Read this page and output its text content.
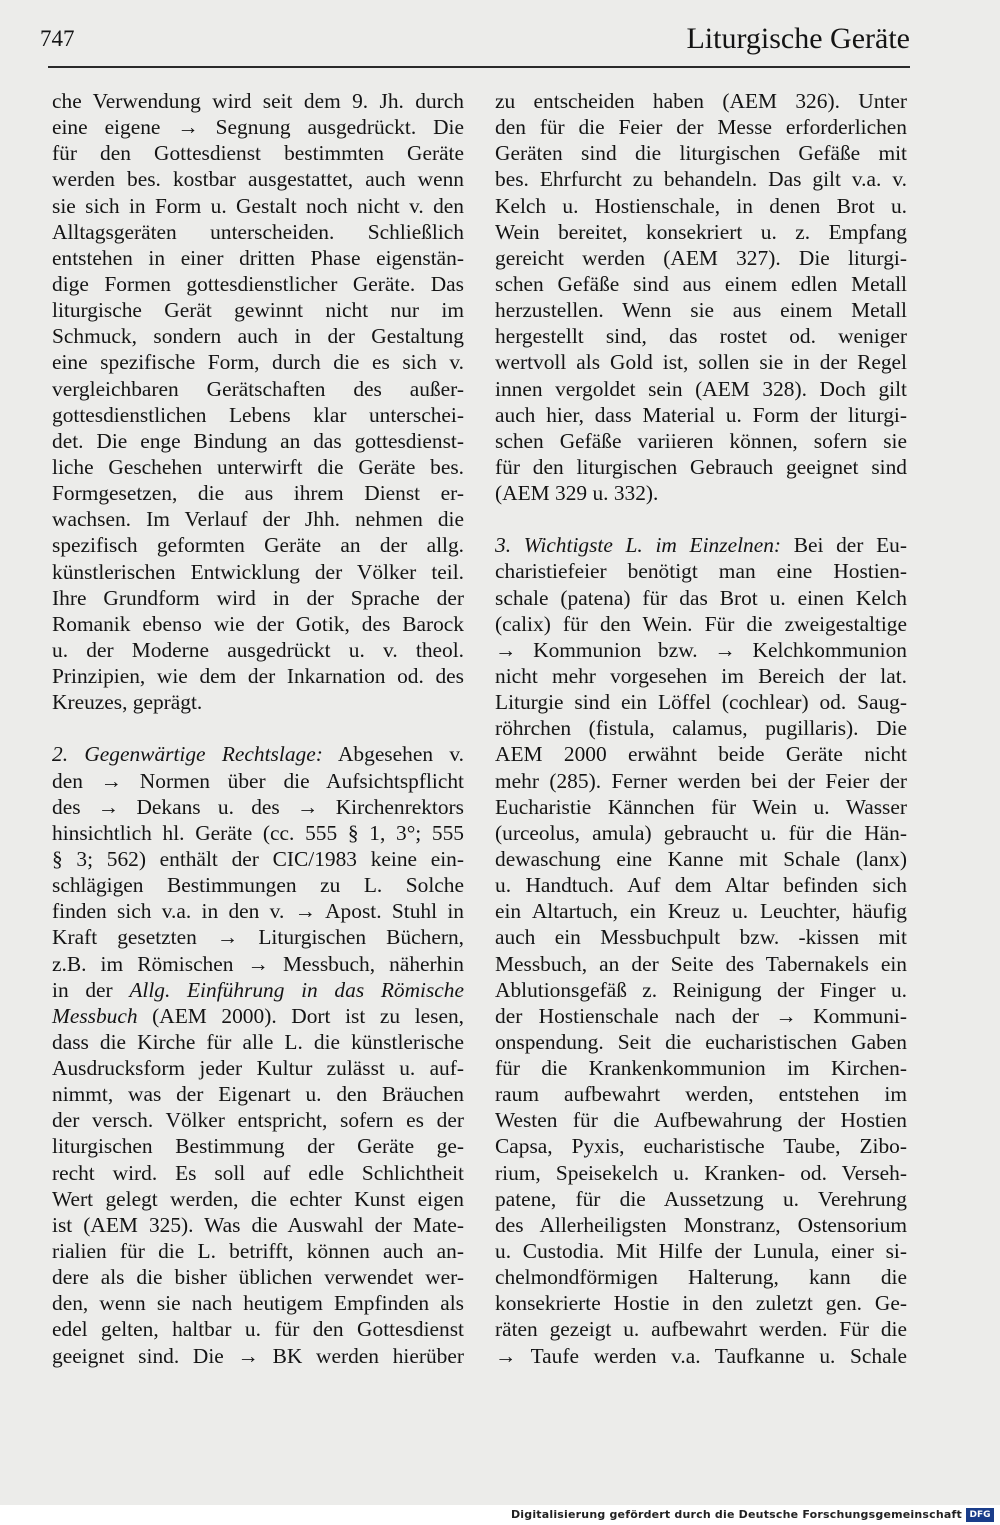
747	Liturgische Geräte
che Verwendung wird seit dem 9. Jh. durch
eine eigene → Segnung ausgedrückt. Die
für den Gottesdienst bestimmten Geräte
werden bes. kostbar ausgestattet, auch wenn
sie sich in Form u. Gestalt noch nicht v. den
Alltagsgeräten unterscheiden. Schließlich
entstehen in einer dritten Phase eigenstän-
dige Formen gottesdienstlicher Geräte. Das
liturgische Gerät gewinnt nicht nur im
Schmuck, sondern auch in der Gestaltung
eine spezifische Form, durch die es sich v.
vergleichbaren Gerätschaften des außer-
gottesdienstlichen Lebens klar unterschei-
det. Die enge Bindung an das gottesdienst-
liche Geschehen unterwirft die Geräte bes.
Formgesetzen, die aus ihrem Dienst er-
wachsen. Im Verlauf der Jhh. nehmen die
spezifisch geformten Geräte an der allg.
künstlerischen Entwicklung der Völker teil.
Ihre Grundform wird in der Sprache der
Romanik ebenso wie der Gotik, des Barock
u. der Moderne ausgedrückt u. v. theol.
Prinzipien, wie dem der Inkarnation od. des
Kreuzes, geprägt.
2. Gegenwärtige Rechtslage: Abgesehen v.
den → Normen über die Aufsichtspflicht
des → Dekans u. des → Kirchenrektors
hinsichtlich hl. Geräte (cc. 555 § 1, 3°; 555
§ 3; 562) enthält der CIC/1983 keine ein-
schlägigen Bestimmungen zu L. Solche
finden sich v.a. in den v. → Apost. Stuhl in
Kraft gesetzten → Liturgischen Büchern,
z.B. im Römischen → Messbuch, näherhin
in der Allg. Einführung in das Römische
Messbuch (AEM 2000). Dort ist zu lesen,
dass die Kirche für alle L. die künstlerische
Ausdrucksform jeder Kultur zulässt u. auf-
nimmt, was der Eigenart u. den Bräuchen
der versch. Völker entspricht, sofern es der
liturgischen Bestimmung der Geräte ge-
recht wird. Es soll auf edle Schlichtheit
Wert gelegt werden, die echter Kunst eigen
ist (AEM 325). Was die Auswahl der Mate-
rialien für die L. betrifft, können auch an-
dere als die bisher üblichen verwendet wer-
den, wenn sie nach heutigem Empfinden als
edel gelten, haltbar u. für den Gottesdienst
geeignet sind. Die → BK werden hierüber
zu entscheiden haben (AEM 326). Unter
den für die Feier der Messe erforderlichen
Geräten sind die liturgischen Gefäße mit
bes. Ehrfurcht zu behandeln. Das gilt v.a. v.
Kelch u. Hostienschale, in denen Brot u.
Wein bereitet, konsekriert u. z. Empfang
gereicht werden (AEM 327). Die liturgi-
schen Gefäße sind aus einem edlen Metall
herzustellen. Wenn sie aus einem Metall
hergestellt sind, das rostet od. weniger
wertvoll als Gold ist, sollen sie in der Regel
innen vergoldet sein (AEM 328). Doch gilt
auch hier, dass Material u. Form der liturgi-
schen Gefäße variieren können, sofern sie
für den liturgischen Gebrauch geeignet sind
(AEM 329 u. 332).
3. Wichtigste L. im Einzelnen: Bei der Eu-
charistiefeier benötigt man eine Hostien-
schale (patena) für das Brot u. einen Kelch
(calix) für den Wein. Für die zweigestaltige
→ Kommunion bzw. → Kelchkommunion
nicht mehr vorgesehen im Bereich der lat.
Liturgie sind ein Löffel (cochlear) od. Saug-
röhrchen (fistula, calamus, pugillaris). Die
AEM 2000 erwähnt beide Geräte nicht
mehr (285). Ferner werden bei der Feier der
Eucharistie Kännchen für Wein u. Wasser
(urceolus, amula) gebraucht u. für die Hän-
dewaschung eine Kanne mit Schale (lanx)
u. Handtuch. Auf dem Altar befinden sich
ein Altartuch, ein Kreuz u. Leuchter, häufig
auch ein Messbuchpult bzw. -kissen mit
Messbuch, an der Seite des Tabernakels ein
Ablutionsgefäß z. Reinigung der Finger u.
der Hostienschale nach der → Kommuni-
onspendung. Seit die eucharistischen Gaben
für die Krankenkommunion im Kirchen-
raum aufbewahrt werden, entstehen im
Westen für die Aufbewahrung der Hostien
Capsa, Pyxis, eucharistische Taube, Zibo-
rium, Speisekelch u. Kranken- od. Verseh-
patene, für die Aussetzung u. Verehrung
des Allerheiligsten Monstranz, Ostensorium
u. Custodia. Mit Hilfe der Lunula, einer si-
chelmondförmigen Halterung, kann die
konsekrierte Hostie in den zuletzt gen. Ge-
räten gezeigt u. aufbewahrt werden. Für die
→ Taufe werden v.a. Taufkanne u. Schale
Digitalisierung gefördert durch die Deutsche Forschungsgemeinschaft DFG
